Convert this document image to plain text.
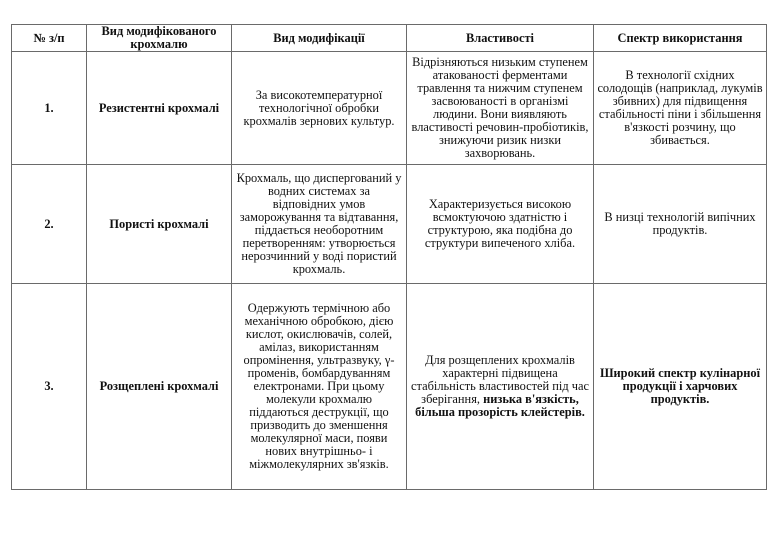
№ з/п	Вид модифікованого крохмалю	Вид модифікації	Властивості	Спектр використання
1.	Резистентні крохмалі	За високотемпературної технологічної обробки крохмалів зернових культур.	Відрізняються низьким ступенем атакованості ферментами травлення та нижчим ступенем засвоюваності в організмі людини. Вони виявляють властивості речовин-пробіотиків, знижуючи ризик низки захворювань.	В технології східних солодощів (наприклад, лукумів збивних) для підвищення стабільності піни і збільшення в'язкості розчину, що збивається.
2.	Пористі крохмалі	Крохмаль, що диспергований у водних системах за відповідних умов заморожування та відтавання, піддається необоротним перетворенням: утворюється нерозчинний у воді пористий крохмаль.	Характеризується високою всмоктуючою здатністю і структурою, яка подібна до структури випеченого хліба.	В низці технологій випічних продуктів.
3.	Розщеплені крохмалі	Одержують термічною або механічною обробкою, дією кислот, окислювачів, солей, амілаз, використанням опромінення, ультразвуку, γ-променів, бомбардуванням електронами. При цьому молекули крохмалю піддаються деструкції, що призводить до зменшення молекулярної маси, появи нових внутрішньо- і міжмолекулярних зв'язків.	Для розщеплених крохмалів характерні підвищена стабільність властивостей під час зберігання, низька в'язкість, більша прозорість клейстерів.	Широкий спектр кулінарної продукції і харчових продуктів.
